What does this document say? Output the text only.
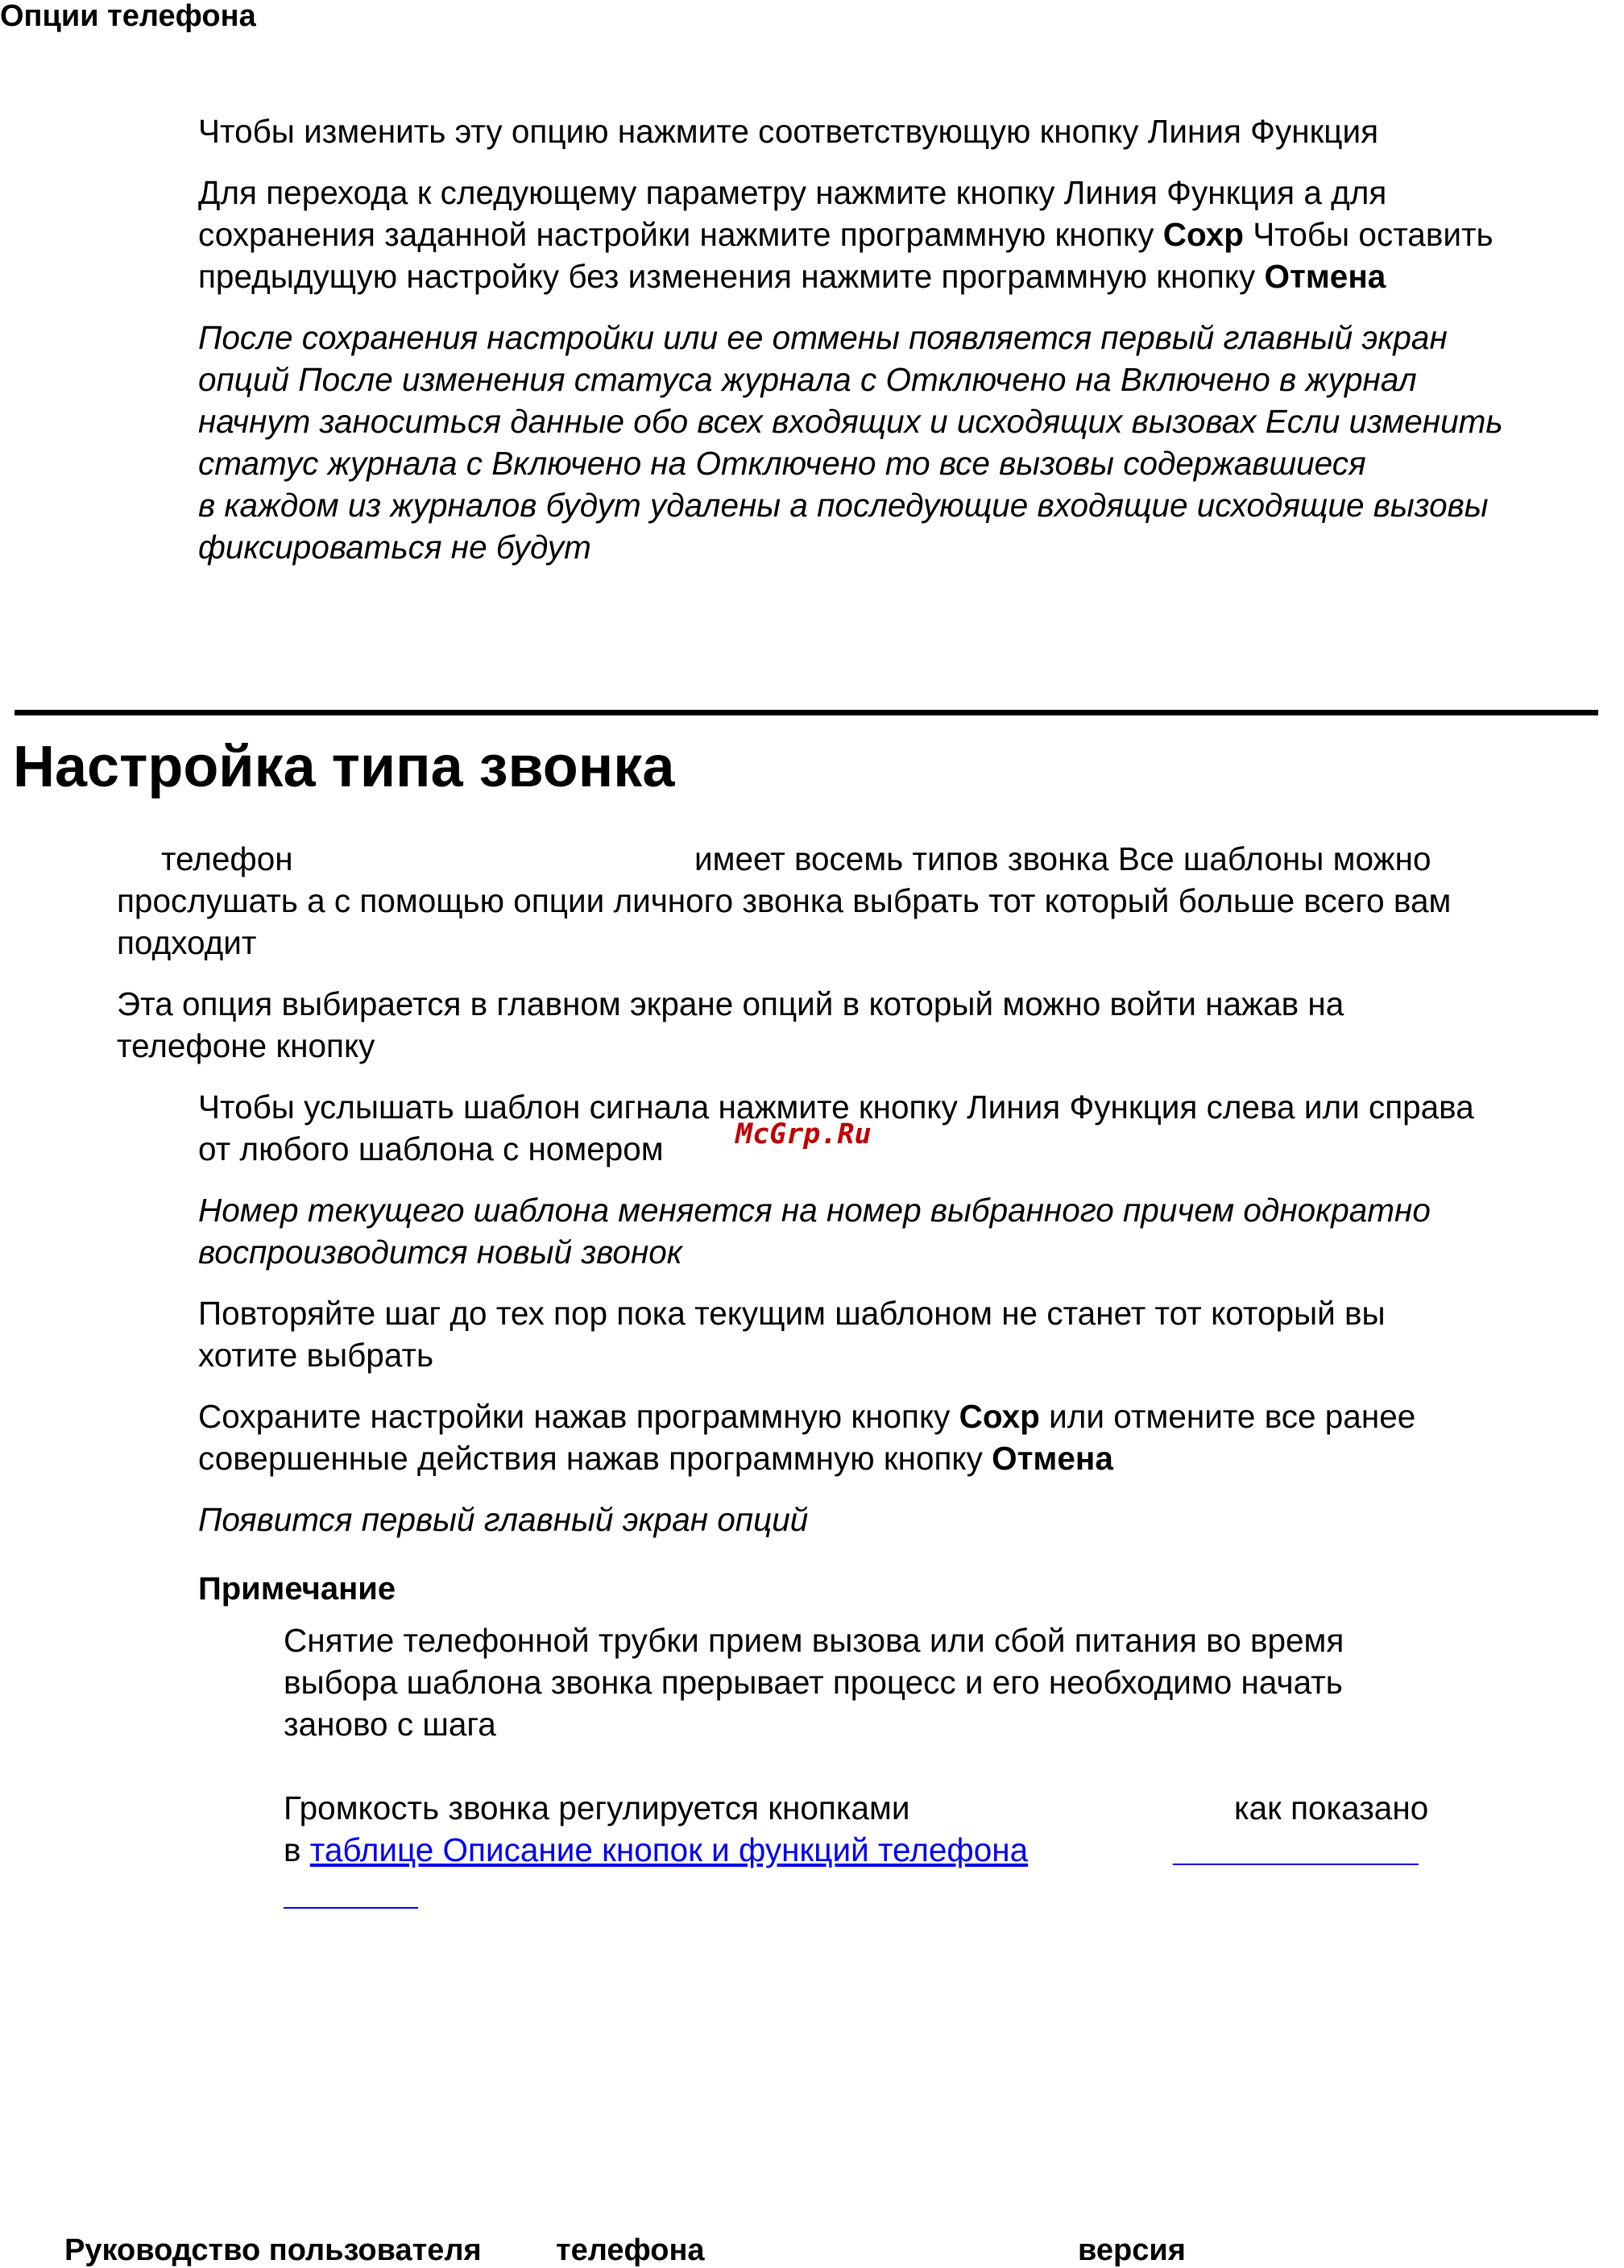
Опции телефона
Чтобы изменить эту опцию нажмите соответствующую кнопку Линия Функция
Для перехода к следующему параметру нажмите кнопку Линия Функция а для
сохранения заданной настройки нажмите программную кнопку Сохр Чтобы оставить
предыдущую настройку без изменения нажмите программную кнопку Отмена
После сохранения настройки или ее отмены появляется первый главный экран
опций После изменения статуса журнала с Отключено на Включено в журнал
начнут заноситься данные обо всех входящих и исходящих вызовах Если изменить
статус журнала с Включено на Отключено то все вызовы содержавшиеся
в каждом из журналов будут удалены а последующие входящие исходящие вызовы
фиксироваться не будут
Настройка типа звонка
телефон	имеет восемь типов звонка Все шаблоны можно
прослушать а с помощью опции личного звонка выбрать тот который больше всего вам
подходит
Эта опция выбирается в главном экране опций в который можно войти нажав на
телефоне кнопку
Чтобы услышать шаблон сигнала нажмите кнопку Линия Функция слева или справа
от любого шаблона с номером	McGrp.Ru
Номер текущего шаблона меняется на номер выбранного причем однократно
воспроизводится новый звонок
Повторяйте шаг до тех пор пока текущим шаблоном не станет тот который вы
хотите выбрать
Сохраните настройки нажав программную кнопку Сохр или отмените все ранее
совершенные действия нажав программную кнопку Отмена
Появится первый главный экран опций
Примечание
Снятие телефонной трубки прием вызова или сбой питания во время
выбора шаблона звонка прерывает процесс и его необходимо начать
заново с шага
Громкость звонка регулируется кнопками	как показано
в таблице Описание кнопок и функций телефона
Руководство пользователя телефона	версия
